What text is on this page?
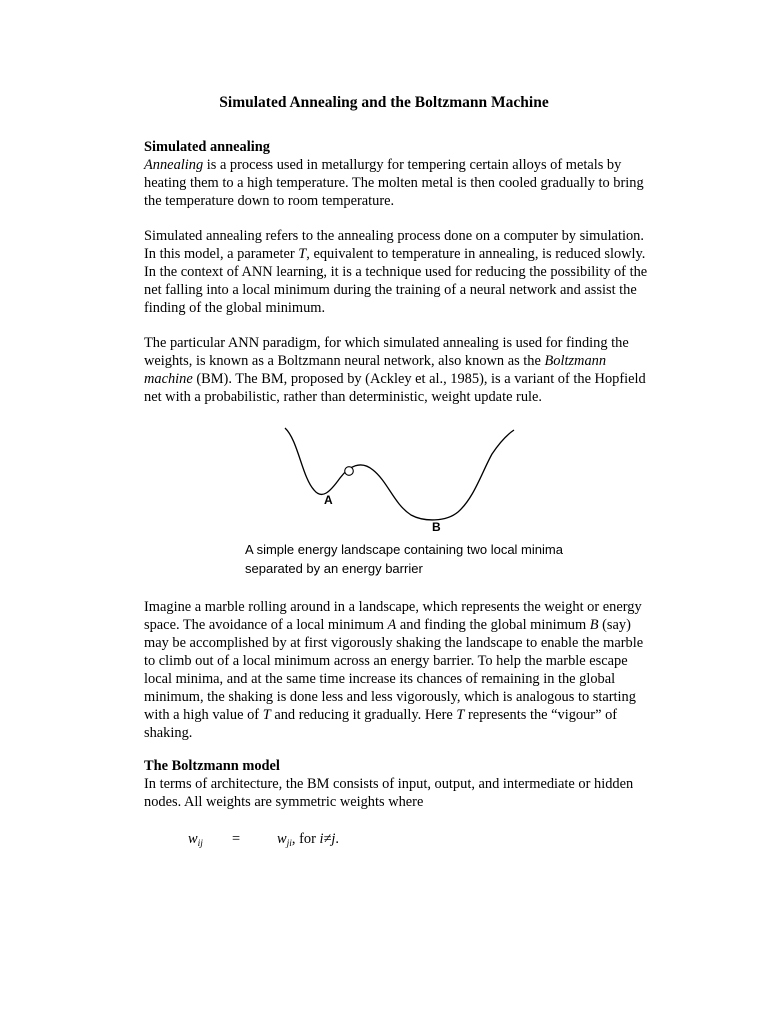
Simulated Annealing and the Boltzmann Machine
Simulated annealing
Annealing is a process used in metallurgy for tempering certain alloys of metals by
heating them to a high temperature. The molten metal is then cooled gradually to bring
the temperature down to room temperature.
Simulated annealing refers to the annealing process done on a computer by simulation.
In this model, a parameter T, equivalent to temperature in annealing, is reduced slowly.
In the context of ANN learning, it is a technique used for reducing the possibility of the
net falling into a local minimum during the training of a neural network and assist the
finding of the global minimum.
The particular ANN paradigm, for which simulated annealing is used for finding the
weights, is known as a Boltzmann neural network, also known as the Boltzmann
machine (BM). The BM, proposed by (Ackley et al., 1985), is a variant of the Hopfield
net with a probabilistic, rather than deterministic, weight update rule.
A
B
A simple energy landscape containing two local minima
separated by an energy barrier
Imagine a marble rolling around in a landscape, which represents the weight or energy
space. The avoidance of a local minimum A and finding the global minimum B (say)
may be accomplished by at first vigorously shaking the landscape to enable the marble
to climb out of a local minimum across an energy barrier. To help the marble escape
local minima, and at the same time increase its chances of remaining in the global
minimum, the shaking is done less and less vigorously, which is analogous to starting
with a high value of T and reducing it gradually. Here T represents the “vigour” of
shaking.
The Boltzmann model
In terms of architecture, the BM consists of input, output, and intermediate or hidden
nodes. All weights are symmetric weights where
$w_{ij}$ =	$w_{ji}$, for i≠j.
